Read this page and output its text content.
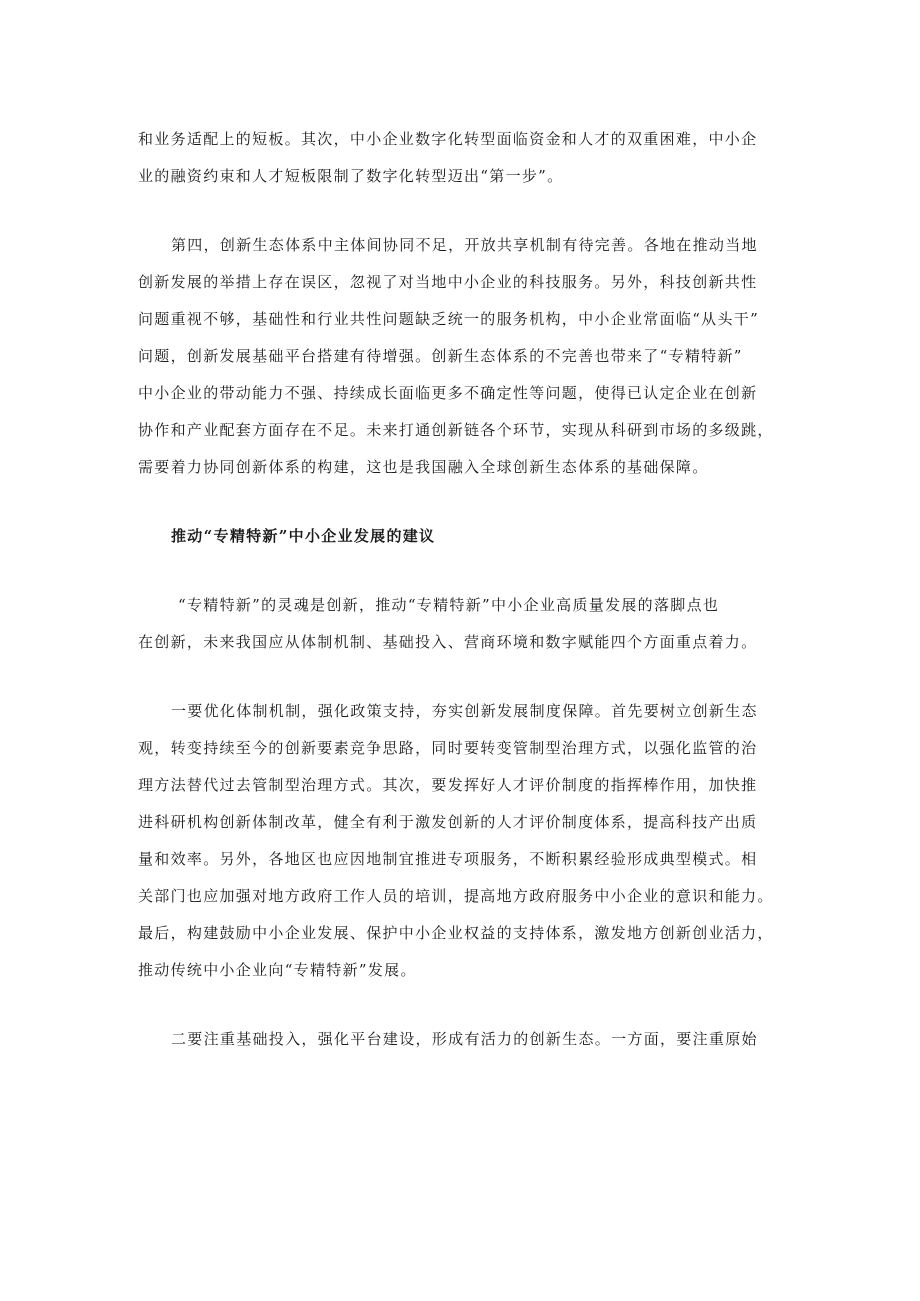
和业务适配上的短板。其次，中小企业数字化转型面临资金和人才的双重困难，中小企
业的融资约束和人才短板限制了数字化转型迈出“第一步”。

第四，创新生态体系中主体间协同不足，开放共享机制有待完善。各地在推动当地
创新发展的举措上存在误区，忽视了对当地中小企业的科技服务。另外，科技创新共性
问题重视不够，基础性和行业共性问题缺乏统一的服务机构，中小企业常面临“从头干”
问题，创新发展基础平台搭建有待增强。创新生态体系的不完善也带来了“专精特新”
中小企业的带动能力不强、持续成长面临更多不确定性等问题，使得已认定企业在创新
协作和产业配套方面存在不足。未来打通创新链各个环节，实现从科研到市场的多级跳，
需要着力协同创新体系的构建，这也是我国融入全球创新生态体系的基础保障。

推动“专精特新”中小企业发展的建议

“专精特新”的灵魂是创新，推动“专精特新”中小企业高质量发展的落脚点也
在创新，未来我国应从体制机制、基础投入、营商环境和数字赋能四个方面重点着力。

一要优化体制机制，强化政策支持，夯实创新发展制度保障。首先要树立创新生态
观，转变持续至今的创新要素竞争思路，同时要转变管制型治理方式，以强化监管的治
理方法替代过去管制型治理方式。其次，要发挥好人才评价制度的指挥棒作用，加快推
进科研机构创新体制改革，健全有利于激发创新的人才评价制度体系，提高科技产出质
量和效率。另外，各地区也应因地制宜推进专项服务，不断积累经验形成典型模式。相
关部门也应加强对地方政府工作人员的培训，提高地方政府服务中小企业的意识和能力。
最后，构建鼓励中小企业发展、保护中小企业权益的支持体系，激发地方创新创业活力，
推动传统中小企业向“专精特新”发展。

二要注重基础投入，强化平台建设，形成有活力的创新生态。一方面，要注重原始
